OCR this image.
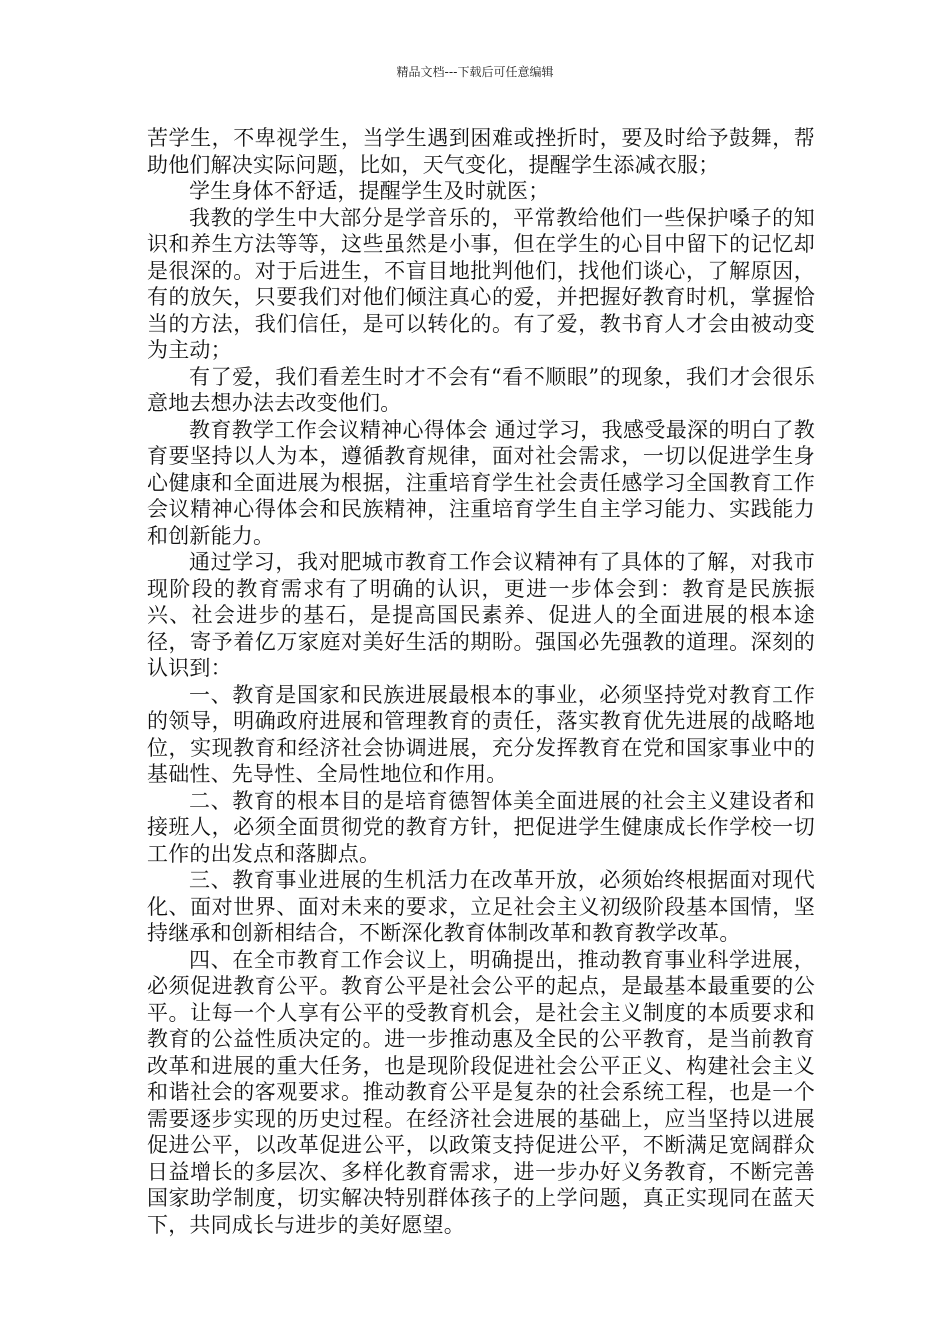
精品文档---下载后可任意编辑

苦学生，不卑视学生，当学生遇到困难或挫折时，要及时给予鼓舞，帮助他们解决实际问题，比如，天气变化，提醒学生添减衣服；

学生身体不舒适，提醒学生及时就医；

我教的学生中大部分是学音乐的，平常教给他们一些保护嗓子的知识和养生方法等等，这些虽然是小事，但在学生的心目中留下的记忆却是很深的。对于后进生，不盲目地批判他们，找他们谈心，了解原因，有的放矢，只要我们对他们倾注真心的爱，并把握好教育时机，掌握恰当的方法，我们信任，是可以转化的。有了爱，教书育人才会由被动变为主动；

有了爱，我们看差生时才不会有“看不顺眼”的现象，我们才会很乐意地去想办法去改变他们。

教育教学工作会议精神心得体会 通过学习，我感受最深的明白了教育要坚持以人为本，遵循教育规律，面对社会需求，一切以促进学生身心健康和全面进展为根据，注重培育学生社会责任感学习全国教育工作会议精神心得体会和民族精神，注重培育学生自主学习能力、实践能力和创新能力。

通过学习，我对肥城市教育工作会议精神有了具体的了解，对我市现阶段的教育需求有了明确的认识，更进一步体会到：教育是民族振兴、社会进步的基石，是提高国民素养、促进人的全面进展的根本途径，寄予着亿万家庭对美好生活的期盼。强国必先强教的道理。深刻的认识到：

一、教育是国家和民族进展最根本的事业，必须坚持党对教育工作的领导，明确政府进展和管理教育的责任，落实教育优先进展的战略地位，实现教育和经济社会协调进展，充分发挥教育在党和国家事业中的基础性、先导性、全局性地位和作用。

二、教育的根本目的是培育德智体美全面进展的社会主义建设者和接班人，必须全面贯彻党的教育方针，把促进学生健康成长作学校一切工作的出发点和落脚点。

三、教育事业进展的生机活力在改革开放，必须始终根据面对现代化、面对世界、面对未来的要求，立足社会主义初级阶段基本国情，坚持继承和创新相结合，不断深化教育体制改革和教育教学改革。

四、在全市教育工作会议上，明确提出，推动教育事业科学进展，必须促进教育公平。教育公平是社会公平的起点，是最基本最重要的公平。让每一个人享有公平的受教育机会，是社会主义制度的本质要求和教育的公益性质决定的。进一步推动惠及全民的公平教育，是当前教育改革和进展的重大任务，也是现阶段促进社会公平正义、构建社会主义和谐社会的客观要求。推动教育公平是复杂的社会系统工程，也是一个需要逐步实现的历史过程。在经济社会进展的基础上，应当坚持以进展促进公平，以改革促进公平，以政策支持促进公平，不断满足宽阔群众日益增长的多层次、多样化教育需求，进一步办好义务教育，不断完善国家助学制度，切实解决特别群体孩子的上学问题，真正实现同在蓝天下，共同成长与进步的美好愿望。
